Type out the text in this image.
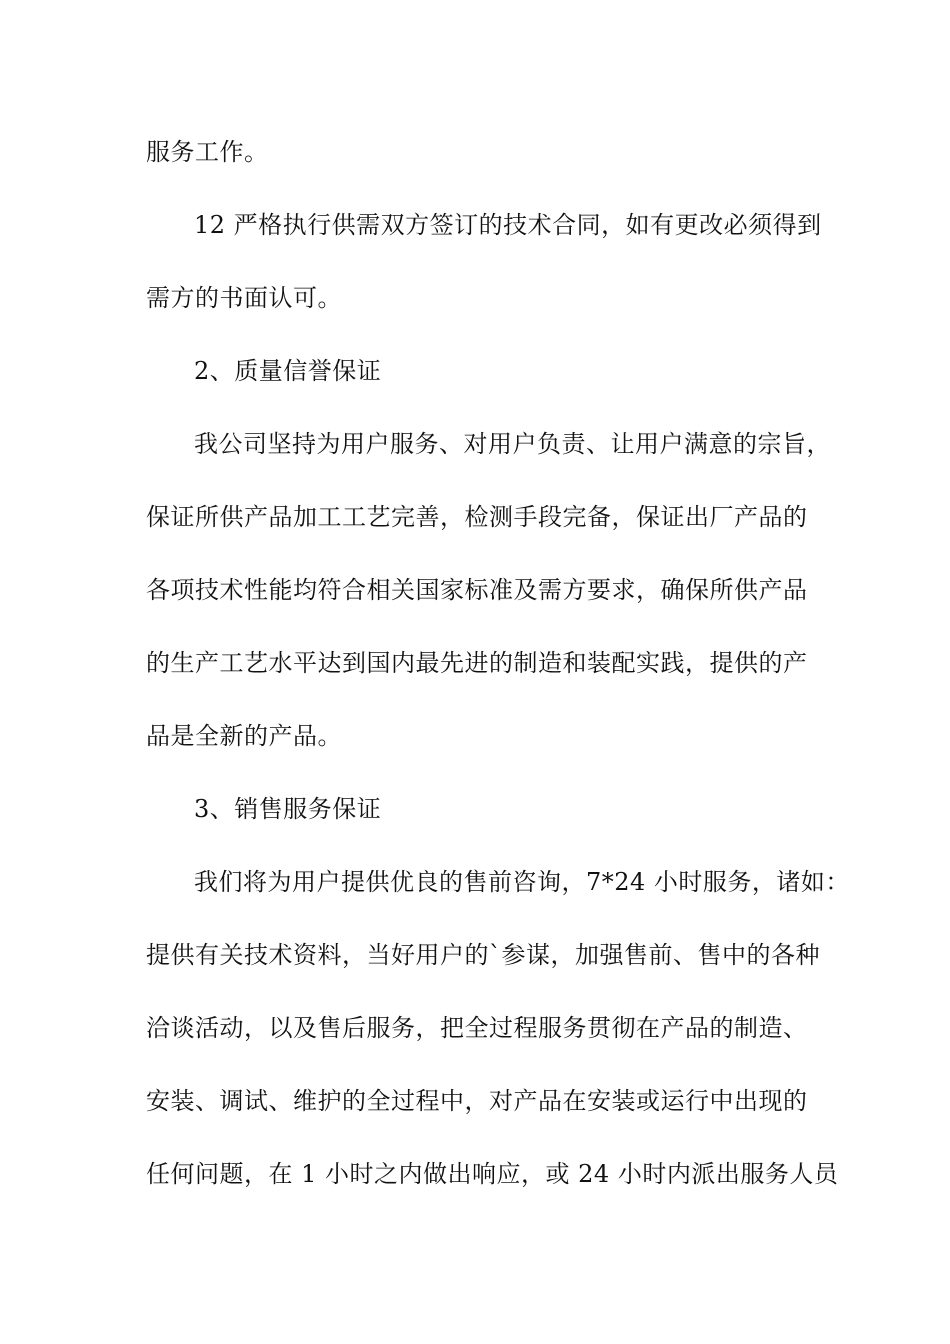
服务工作。
12 严格执行供需双方签订的技术合同，如有更改必须得到
需方的书面认可。
2、质量信誉保证
我公司坚持为用户服务、对用户负责、让用户满意的宗旨，
保证所供产品加工工艺完善，检测手段完备，保证出厂产品的
各项技术性能均符合相关国家标准及需方要求，确保所供产品
的生产工艺水平达到国内最先进的制造和装配实践，提供的产
品是全新的产品。
3、销售服务保证
我们将为用户提供优良的售前咨询，7*24 小时服务，诸如：
提供有关技术资料，当好用户的`参谋，加强售前、售中的各种
洽谈活动，以及售后服务，把全过程服务贯彻在产品的制造、
安装、调试、维护的全过程中，对产品在安装或运行中出现的
任何问题，在 1 小时之内做出响应，或 24 小时内派出服务人员
